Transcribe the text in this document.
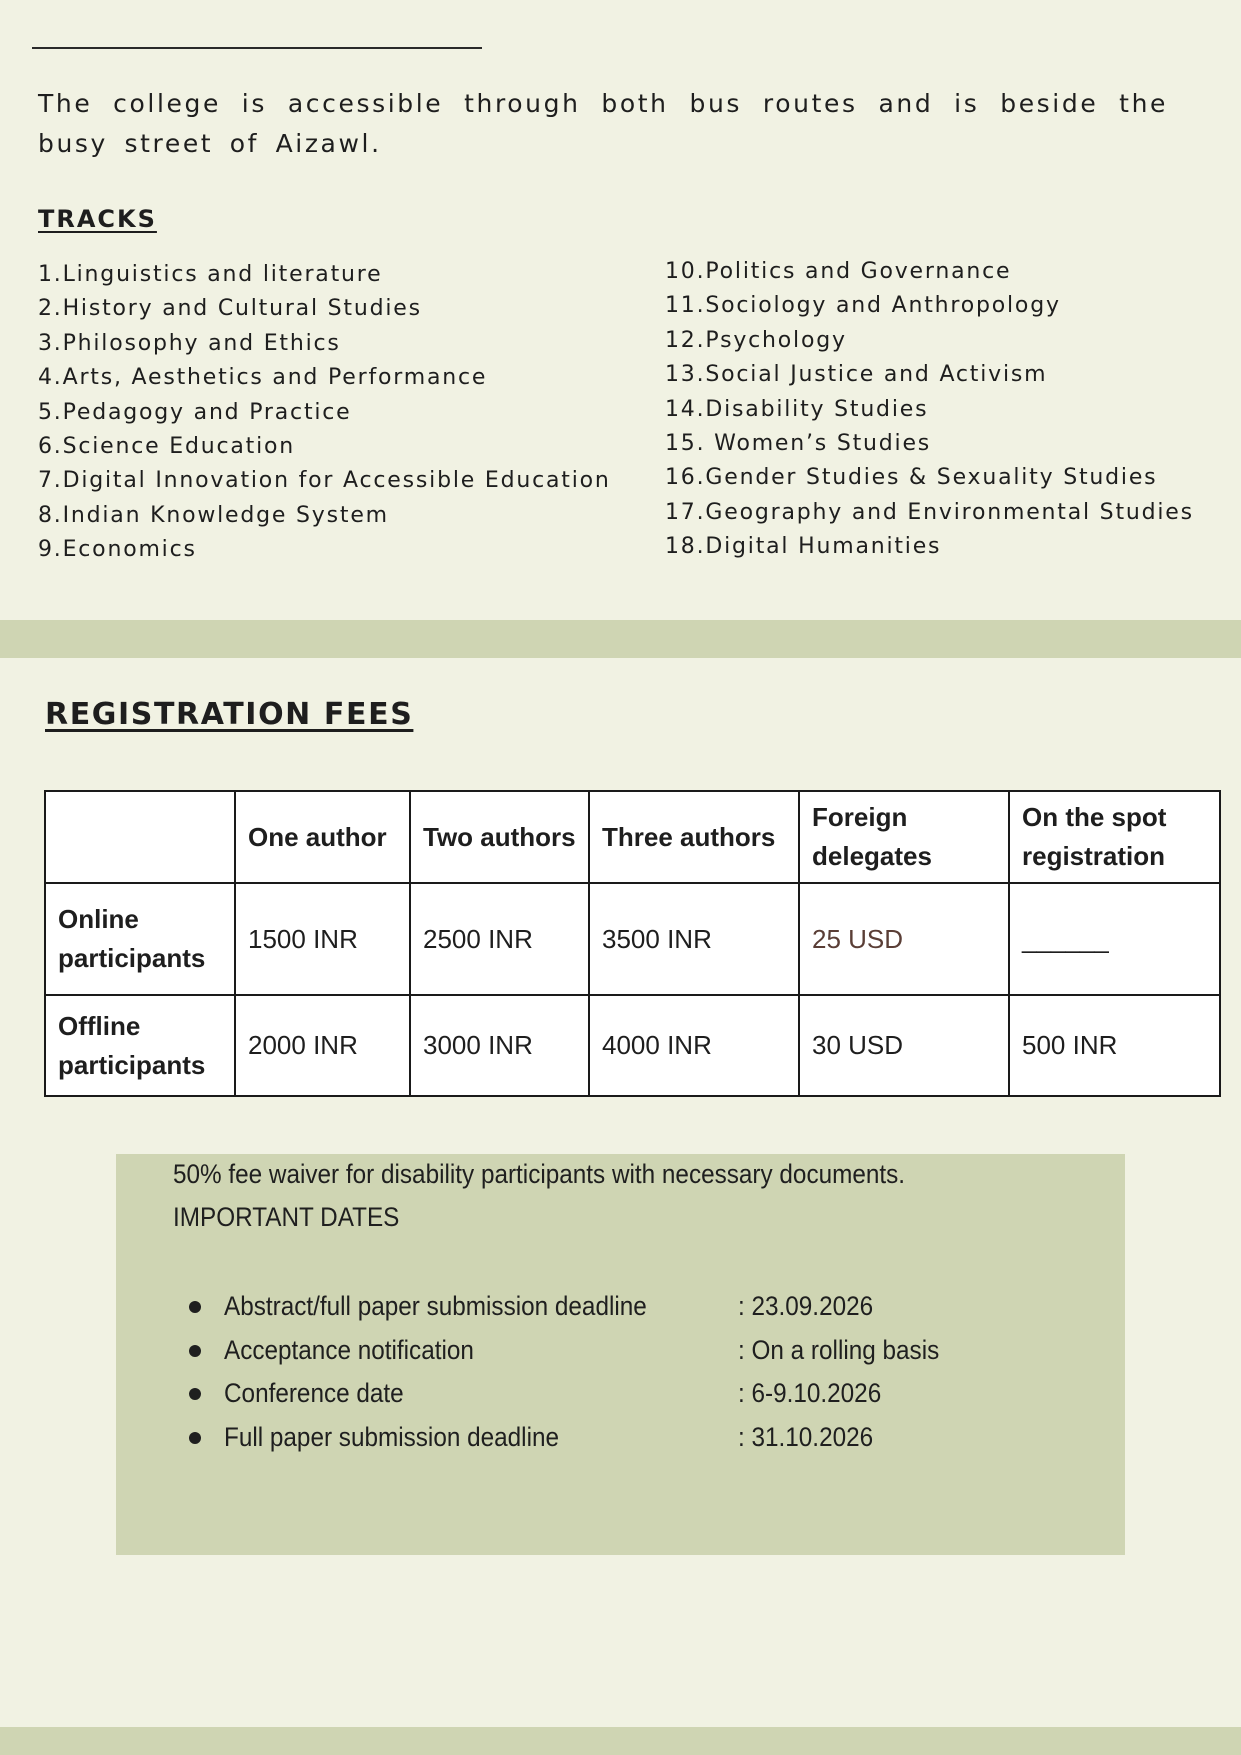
The college is accessible through both bus routes and is beside the busy street of Aizawl.

TRACKS
1.Linguistics and literature
2.History and Cultural Studies
3.Philosophy and Ethics
4.Arts, Aesthetics and Performance
5.Pedagogy and Practice
6.Science Education
7.Digital Innovation for Accessible Education
8.Indian Knowledge System
9.Economics
10.Politics and Governance
11.Sociology and Anthropology
12.Psychology
13.Social Justice and Activism
14.Disability Studies
15. Women’s Studies
16.Gender Studies & Sexuality Studies
17.Geography and Environmental Studies
18.Digital Humanities
REGISTRATION FEES
	One author	Two authors	Three authors	Foreign delegates	On the spot registration
Online participants	1500 INR	2500 INR	3500 INR	25 USD	______
Offline participants	2000 INR	3000 INR	4000 INR	30 USD	500 INR

50% fee waiver for disability participants with necessary documents.

IMPORTANT DATES

Abstract/full paper submission deadline	: 23.09.2026
Acceptance notification	: On a rolling basis
Conference date	: 6-9.10.2026
Full paper submission deadline	: 31.10.2026
